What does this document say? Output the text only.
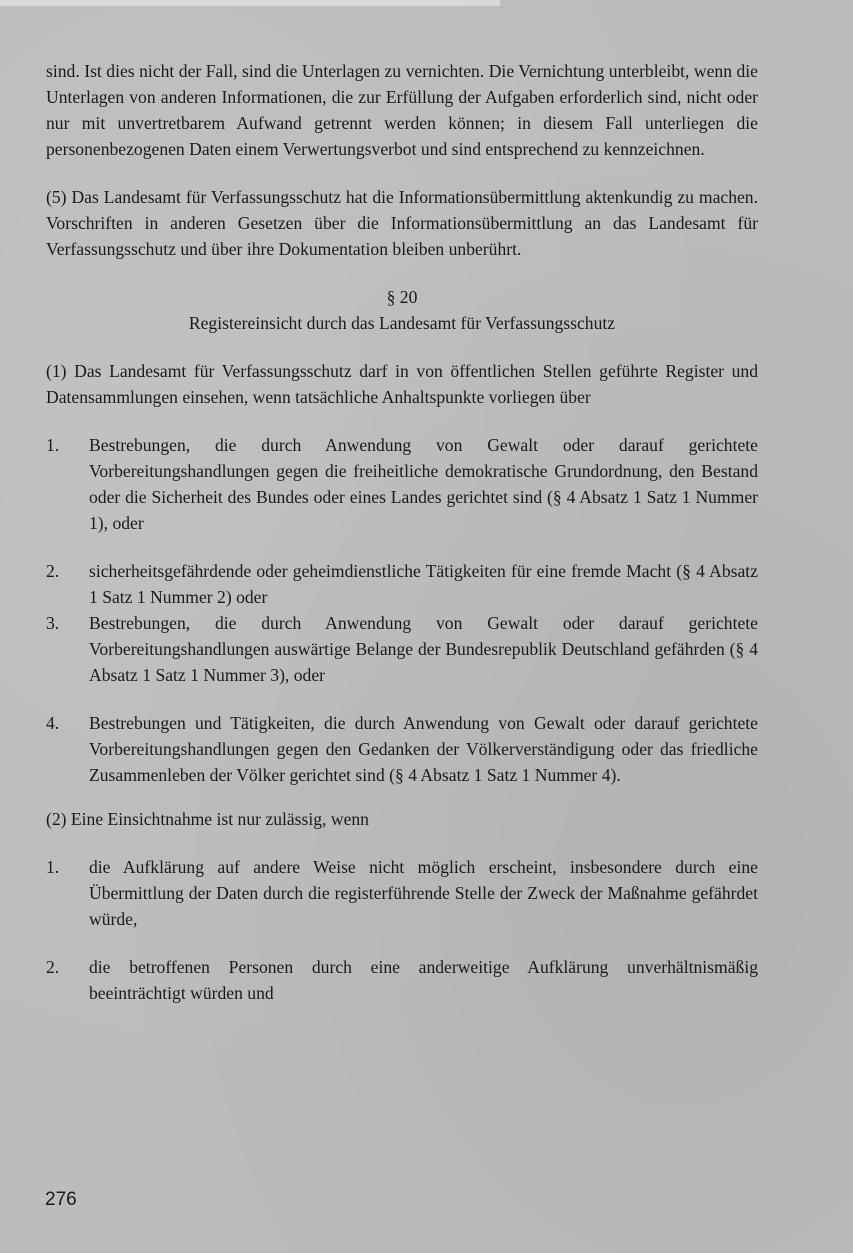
sind. Ist dies nicht der Fall, sind die Unterlagen zu vernichten. Die Vernichtung unterbleibt, wenn die Unterlagen von anderen Informationen, die zur Erfüllung der Aufgaben erforderlich sind, nicht oder nur mit unvertretbarem Aufwand getrennt werden können; in diesem Fall unterliegen die personenbezogenen Daten einem Verwertungsverbot und sind entsprechend zu kennzeichnen.

(5) Das Landesamt für Verfassungsschutz hat die Informationsübermittlung aktenkundig zu machen. Vorschriften in anderen Gesetzen über die Informationsübermittlung an das Landesamt für Verfassungsschutz und über ihre Dokumentation bleiben unberührt.

§ 20

Registereinsicht durch das Landesamt für Verfassungsschutz

(1) Das Landesamt für Verfassungsschutz darf in von öffentlichen Stellen geführte Register und Datensammlungen einsehen, wenn tatsächliche Anhaltspunkte vorliegen über

1.	Bestrebungen, die durch Anwendung von Gewalt oder darauf gerichtete Vorbereitungshandlungen gegen die freiheitliche demokratische Grundordnung, den Bestand oder die Sicherheit des Bundes oder eines Landes gerichtet sind (§ 4 Absatz 1 Satz 1 Nummer 1), oder

2.	sicherheitsgefährdende oder geheimdienstliche Tätigkeiten für eine fremde Macht (§ 4 Absatz 1 Satz 1 Nummer 2) oder

3.	Bestrebungen, die durch Anwendung von Gewalt oder darauf gerichtete Vorbereitungshandlungen auswärtige Belange der Bundesrepublik Deutschland gefährden (§ 4 Absatz 1 Satz 1 Nummer 3), oder

4.	Bestrebungen und Tätigkeiten, die durch Anwendung von Gewalt oder darauf gerichtete Vorbereitungshandlungen gegen den Gedanken der Völkerverständigung oder das friedliche Zusammenleben der Völker gerichtet sind (§ 4 Absatz 1 Satz 1 Nummer 4).

(2) Eine Einsichtnahme ist nur zulässig, wenn

1.	die Aufklärung auf andere Weise nicht möglich erscheint, insbesondere durch eine Übermittlung der Daten durch die registerführende Stelle der Zweck der Maßnahme gefährdet würde,

2.	die betroffenen Personen durch eine anderweitige Aufklärung unverhältnismäßig beeinträchtigt würden und

276
